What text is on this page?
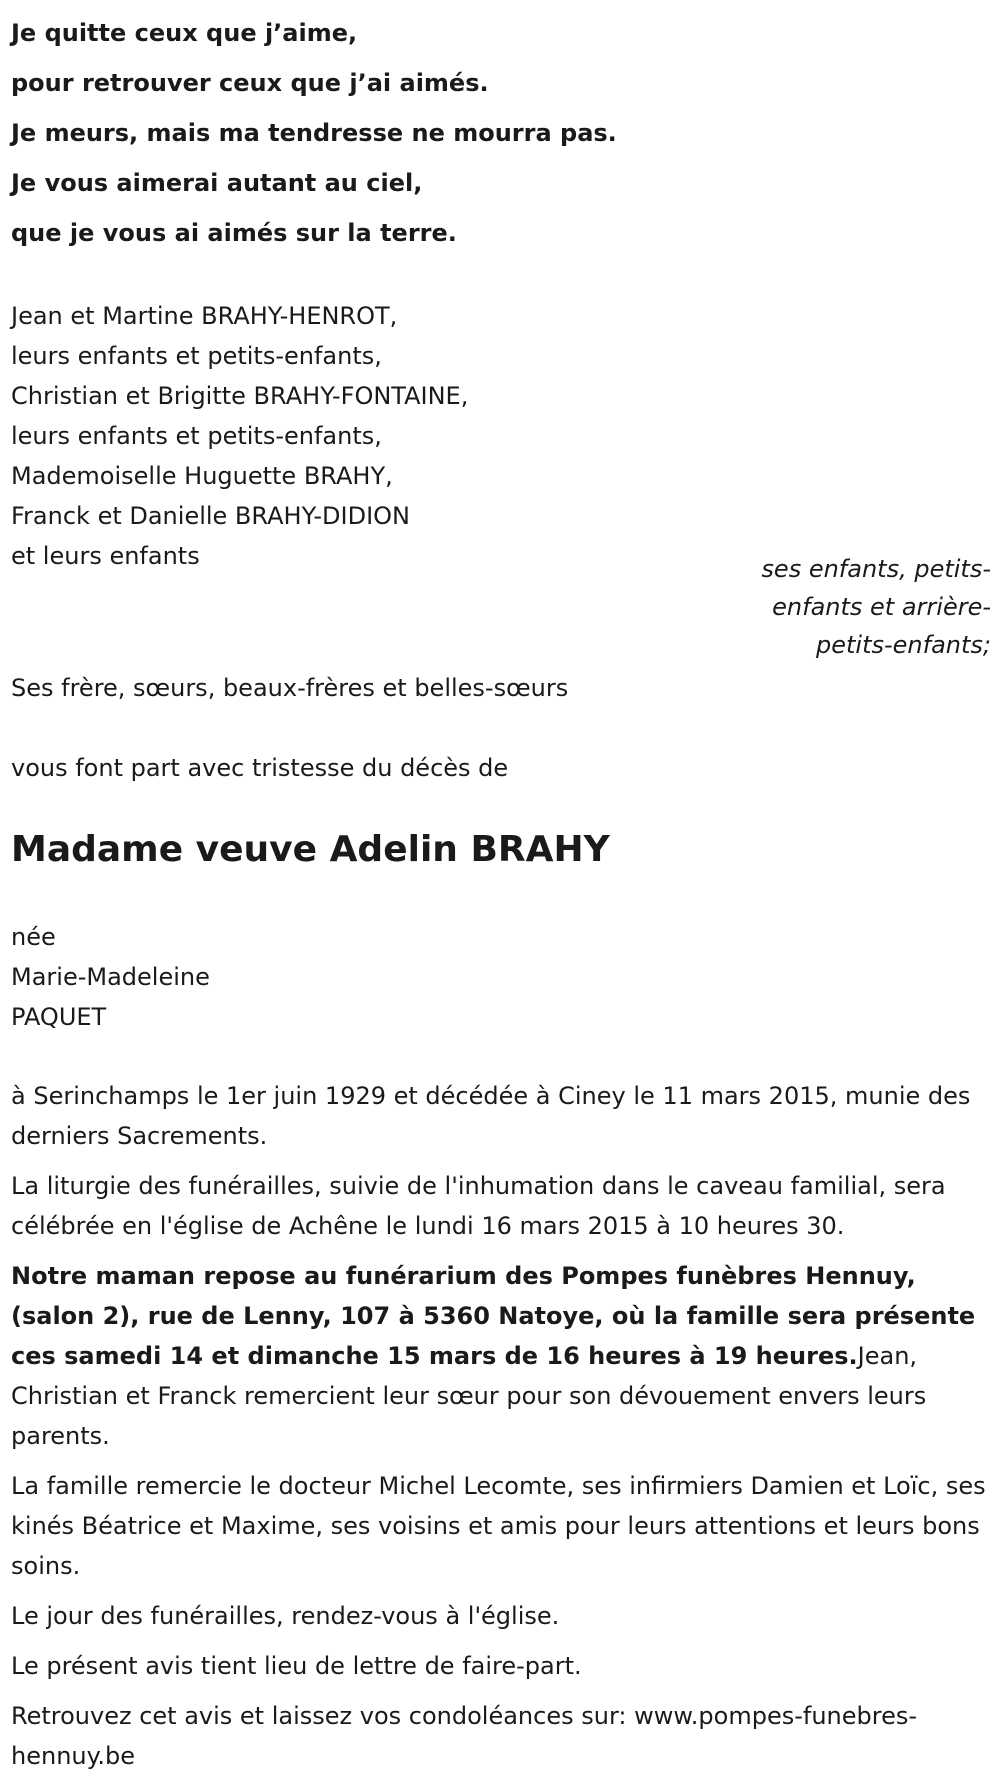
Je quitte ceux que j’aime,
pour retrouver ceux que j’ai aimés.
Je meurs, mais ma tendresse ne mourra pas.
Je vous aimerai autant au ciel,
que je vous ai aimés sur la terre.
Jean et Martine BRAHY-HENROT,
leurs enfants et petits-enfants,
Christian et Brigitte BRAHY-FONTAINE,
leurs enfants et petits-enfants,
Mademoiselle Huguette BRAHY,
Franck et Danielle BRAHY-DIDION
et leurs enfants	ses enfants, petits-
enfants et arrière-
petits-enfants;
Ses frère, sœurs, beaux-frères et belles-sœurs
vous font part avec tristesse du décès de
Madame veuve Adelin BRAHY
née
Marie-Madeleine
PAQUET

à Serinchamps le 1er juin 1929 et décédée à Ciney le 11 mars 2015, munie des derniers Sacrements.

La liturgie des funérailles, suivie de l'inhumation dans le caveau familial, sera célébrée en l'église de Achêne le lundi 16 mars 2015 à 10 heures 30.

Notre maman repose au funérarium des Pompes funèbres Hennuy, (salon 2), rue de Lenny, 107 à 5360 Natoye, où la famille sera présente ces samedi 14 et dimanche 15 mars de 16 heures à 19 heures.Jean, Christian et Franck remercient leur sœur pour son dévouement envers leurs parents.

La famille remercie le docteur Michel Lecomte, ses infirmiers Damien et Loïc, ses kinés Béatrice et Maxime, ses voisins et amis pour leurs attentions et leurs bons soins.

Le jour des funérailles, rendez-vous à l'église.

Le présent avis tient lieu de lettre de faire-part.

Retrouvez cet avis et laissez vos condoléances sur: www.pompes-funebres-hennuy.be
